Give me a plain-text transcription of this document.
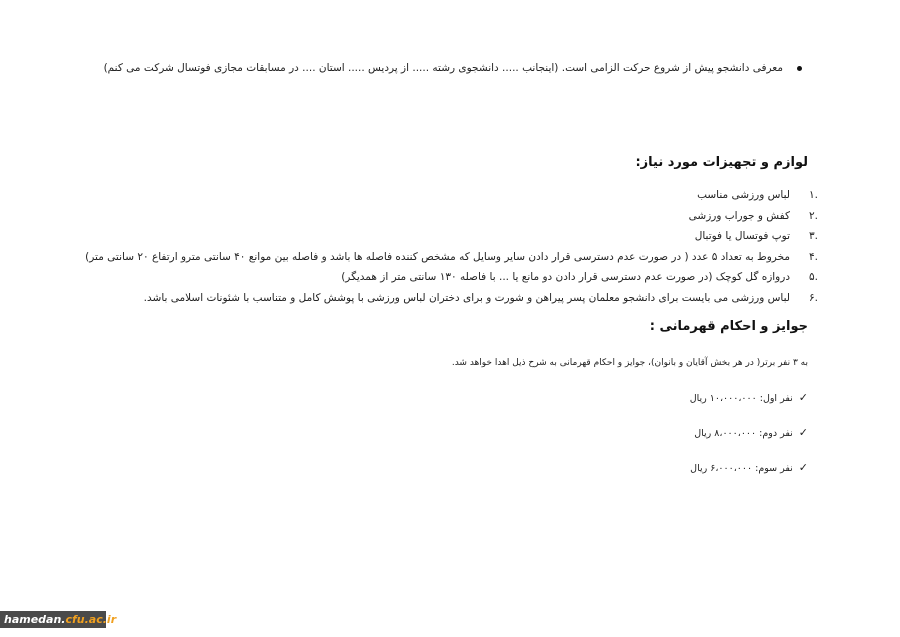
معرفی دانشجو پیش از شروع حرکت الزامی است. (اینجانب ..... دانشجوی رشته ..... از پردیس ..... استان .... در مسابقات مجازی فوتسال شرکت می کنم)
لوازم و تجهیزات مورد نیاز:
.۱لباس ورزشی مناسب
.۲کفش و جوراب ورزشی
.۳توپ فوتسال یا فوتبال
.۴مخروط به تعداد ۵ عدد ( در صورت عدم دسترسی قرار دادن سایر وسایل که مشخص کننده فاصله ها باشد و فاصله بین موانع ۴۰ سانتی مترو ارتفاع ۲۰ سانتی متر)
.۵دروازه گل کوچک (در صورت عدم دسترسی قرار دادن دو مانع یا ... با فاصله ۱۳۰ سانتی متر از همدیگر)
.۶لباس ورزشی می بایست برای دانشجو معلمان پسر پیراهن و شورت و برای دختران لباس ورزشی با پوشش کامل و متناسب با شئونات اسلامی باشد.
جوایز و احکام قهرمانی :
به ۳ نفر برتر( در هر بخش آقایان و بانوان)، جوایز و احکام قهرمانی به شرح ذیل اهدا خواهد شد.
✓نفر اول: ۱۰،۰۰۰،۰۰۰ ریال
✓نفر دوم: ۸،۰۰۰،۰۰۰ ریال
✓نفر سوم: ۶،۰۰۰،۰۰۰ ریال
hamedan.cfu.ac.ir
